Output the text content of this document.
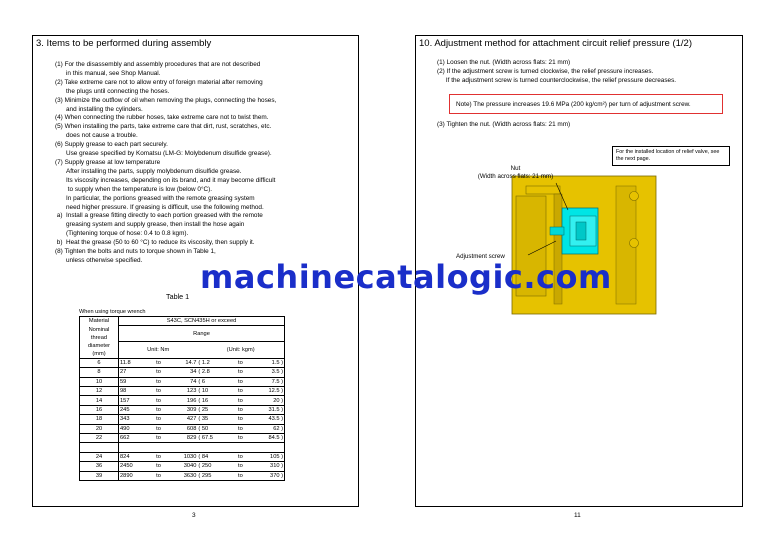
3. Items to be performed during assembly
(1) For the disassembly and assembly procedures that are not described
in this manual, see Shop Manual.
(2) Take extreme care not to allow entry of foreign material after removing
the plugs until connecting the hoses.
(3) Minimize the outflow of oil when removing the plugs, connecting the hoses,
and installing the cylinders.
(4) When connecting the rubber hoses, take extreme care not to twist them.
(5) When installing the parts, take extreme care that dirt, rust, scratches, etc.
does not cause a trouble.
(6) Supply grease to each part securely.
Use grease specified by Komatsu (LM-G: Molybdenum disulfide grease).
(7) Supply grease at low temperature
After installing the parts, supply molybdenum disulfide grease.
Its viscosity increases, depending on its brand, and it may become difficult
to supply when the temperature is low (below 0°C).
In particular, the portions greased with the remote greasing system
need higher pressure. If greasing is difficult, use the following method.
a)  Install a grease fitting directly to each portion greased with the remote
greasing system and supply grease, then install the hose again
(Tightening torque of hose: 0.4 to 0.8 kgm).
b)  Heat the grease (50 to 60 °C) to reduce its viscosity, then supply it.
(8) Tighten the bolts and nuts to torque shown in Table 1,
unless otherwise specified.
Table 1
When using torque wrench
Material	S43C, SCN435H or exceed					
Nominal thread	Range					
diameter (mm)	Unit: Nm			(Unit: kgm)		
6	11.8	to	14.7	( 1.2	to	1.5 )
8	27	to	34	( 2.8	to	3.5 )
10	59	to	74	( 6	to	7.5 )
12	98	to	123	( 10	to	12.5 )
14	157	to	196	( 16	to	20 )
16	245	to	309	( 25	to	31.5 )
18	343	to	427	( 35	to	43.5 )
20	490	to	608	( 50	to	62 )
22	662	to	829	( 67.5	to	84.5 )

24	824	to	1030	( 84	to	105 )
36	2450	to	3040	( 250	to	310 )
39	2890	to	3630	( 295	to	370 )
3
10. Adjustment method for attachment circuit relief pressure (1/2)
(1) Loosen the nut. (Width across flats: 21 mm)
(2) If the adjustment screw is turned clockwise, the relief pressure increases.
If the adjustment screw is turned counterclockwise, the relief pressure decreases.
Note) The pressure increases 19.6 MPa (200 kg/cm²) per turn of adjustment screw.
(3) Tighten the nut. (Width across flats: 21 mm)
For the installed location of relief valve, see the next page.
Nut
(Width across flats: 21 mm)
Adjustment screw
11
machinecatalogic.com
